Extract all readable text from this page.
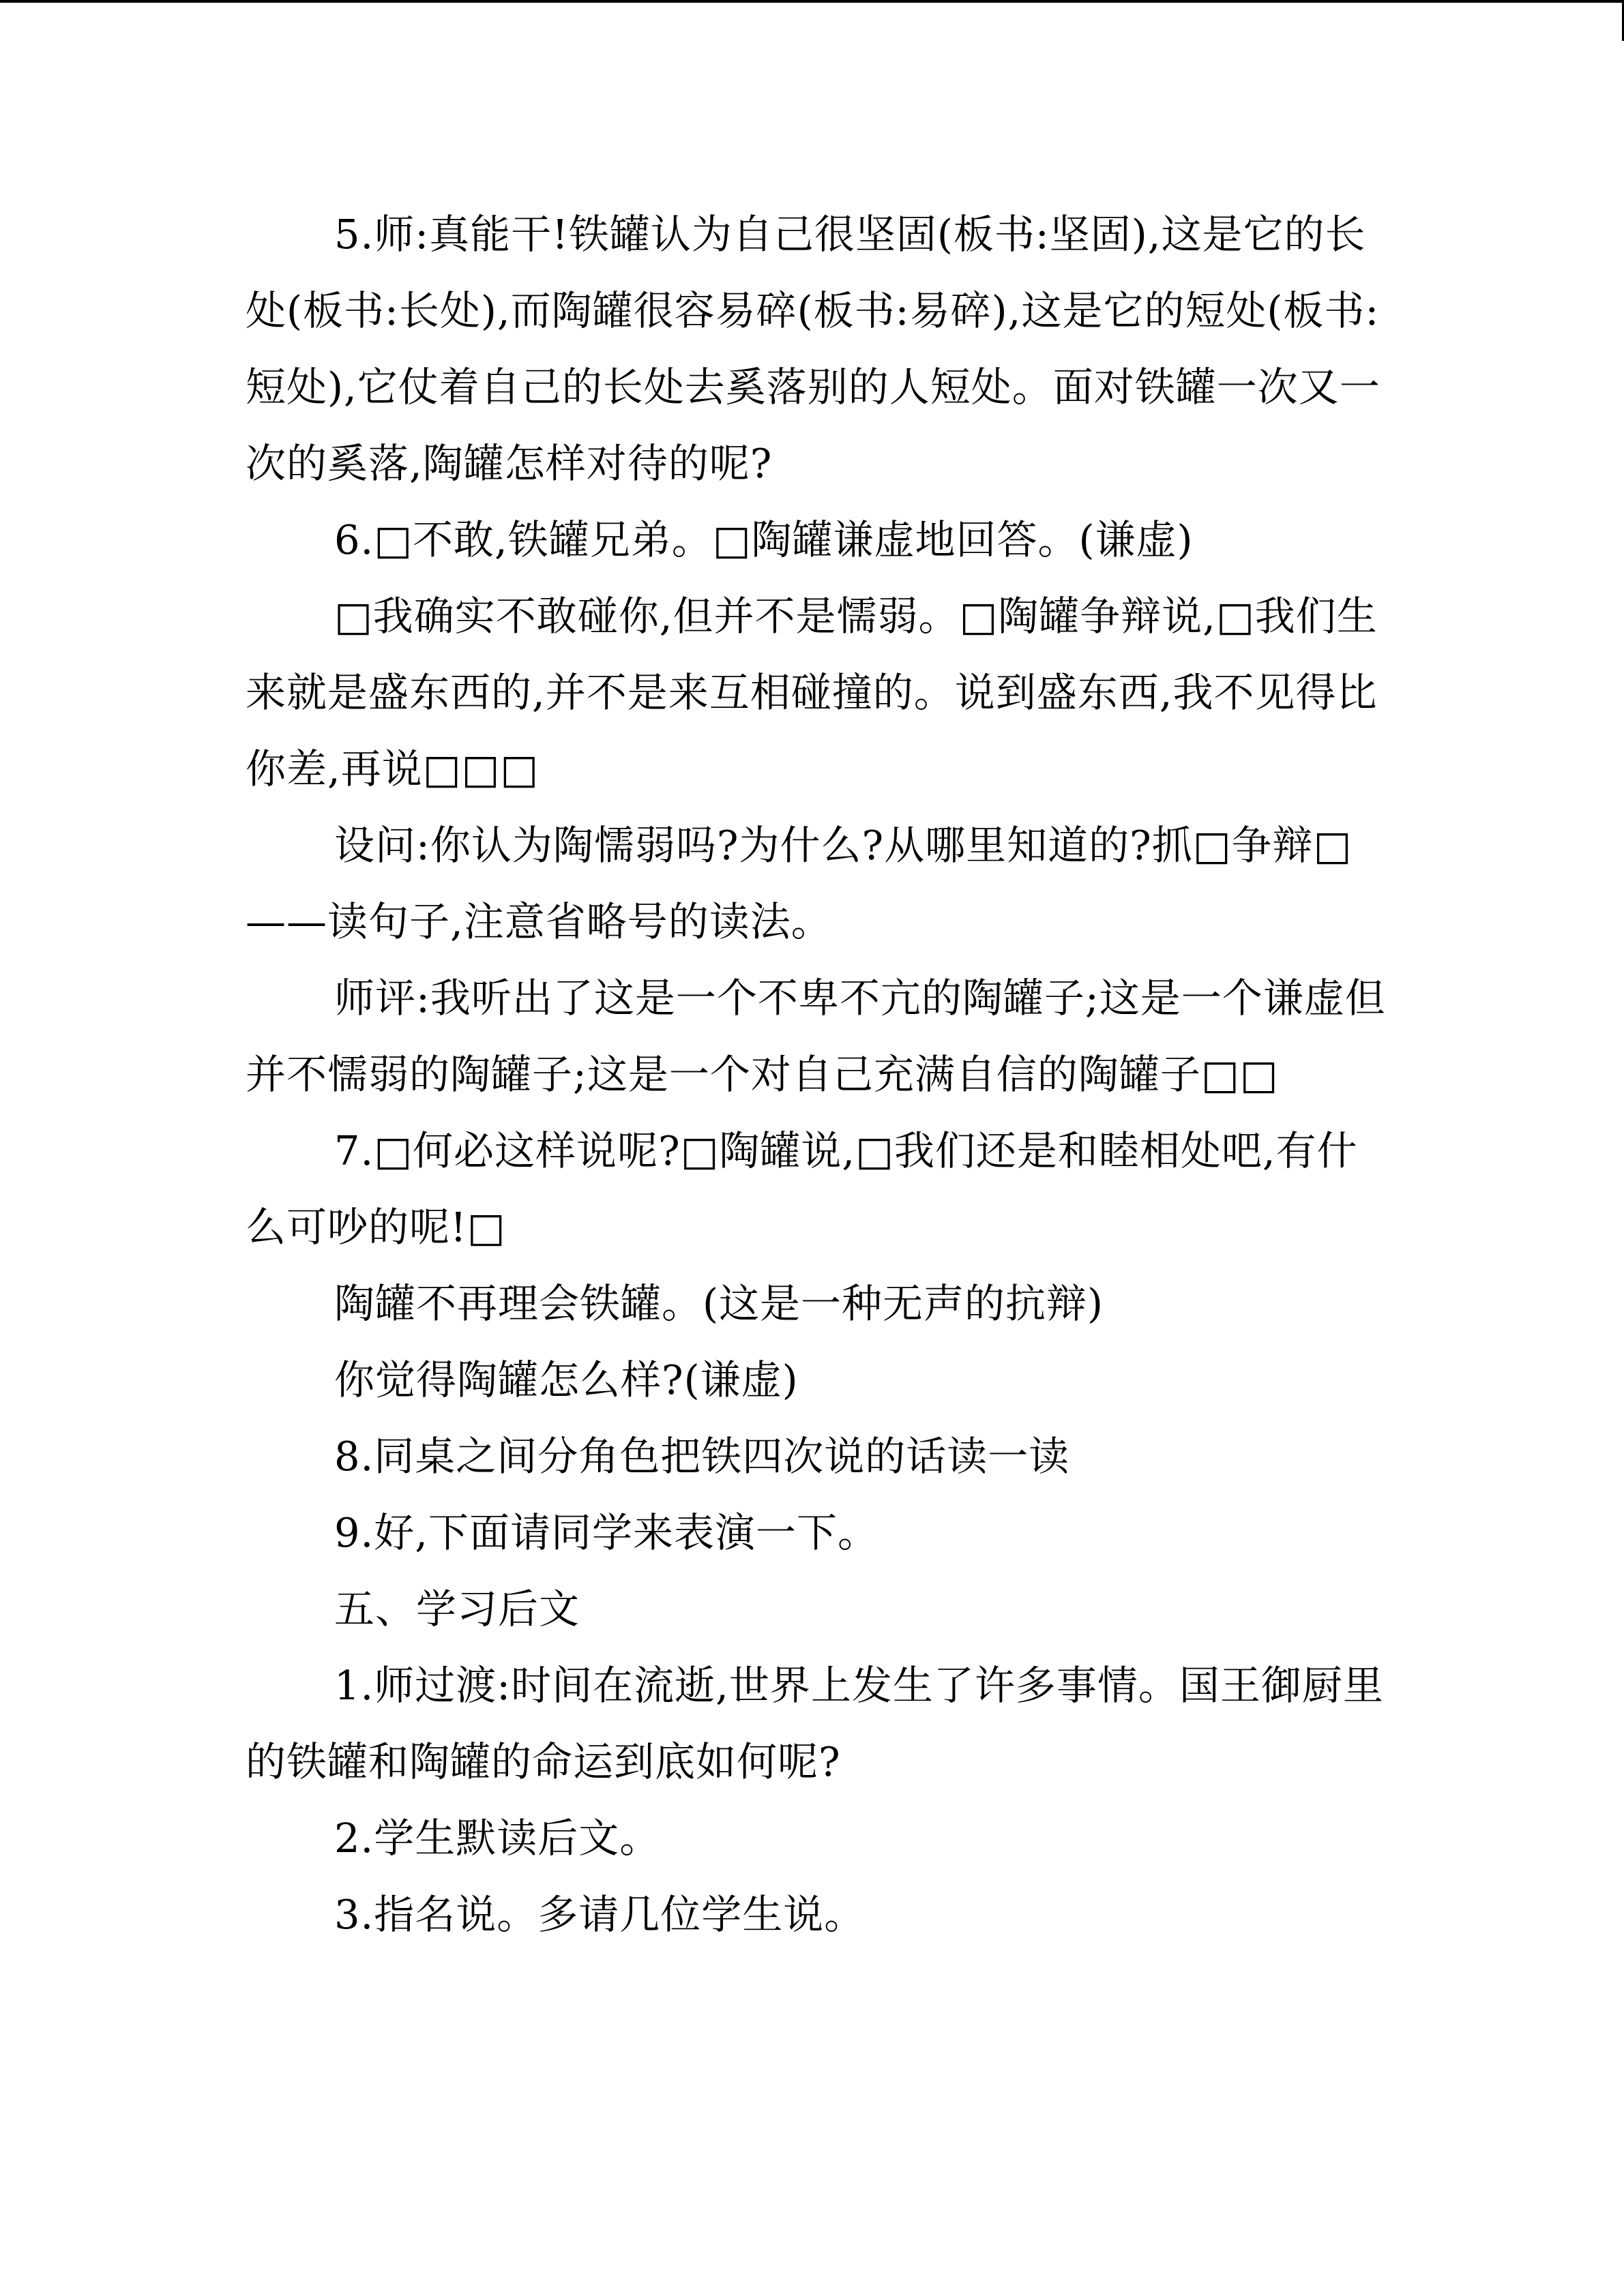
5.师:真能干!铁罐认为自己很坚固(板书:坚固),这是它的长处(板书:长处),而陶罐很容易碎(板书:易碎),这是它的短处(板书:短处),它仗着自己的长处去奚落别的人短处。面对铁罐一次又一次的奚落,陶罐怎样对待的呢?

6.□不敢,铁罐兄弟。□陶罐谦虚地回答。(谦虚)

□我确实不敢碰你,但并不是懦弱。□陶罐争辩说,□我们生来就是盛东西的,并不是来互相碰撞的。说到盛东西,我不见得比你差,再说□□□

设问:你认为陶懦弱吗?为什么?从哪里知道的?抓□争辩□

——读句子,注意省略号的读法。

师评:我听出了这是一个不卑不亢的陶罐子;这是一个谦虚但并不懦弱的陶罐子;这是一个对自己充满自信的陶罐子□□

7.□何必这样说呢?□陶罐说,□我们还是和睦相处吧,有什么可吵的呢!□

陶罐不再理会铁罐。(这是一种无声的抗辩)

你觉得陶罐怎么样?(谦虚)

8.同桌之间分角色把铁四次说的话读一读

9.好,下面请同学来表演一下。

五、学习后文

1.师过渡:时间在流逝,世界上发生了许多事情。国王御厨里的铁罐和陶罐的命运到底如何呢?

2.学生默读后文。

3.指名说。多请几位学生说。
